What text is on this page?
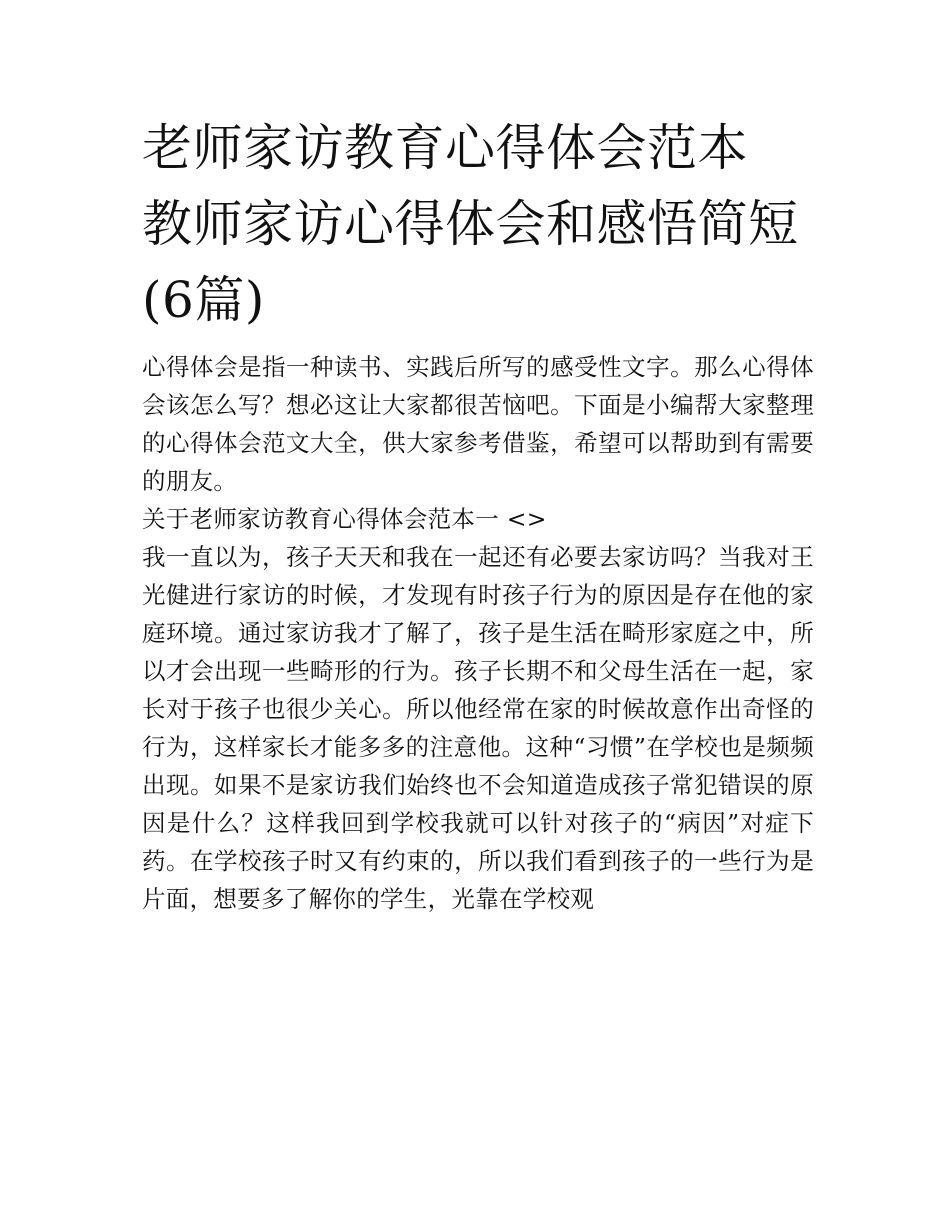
老师家访教育心得体会范本 教师家访心得体会和感悟简短(6篇)

心得体会是指一种读书、实践后所写的感受性文字。那么心得体会该怎么写？想必这让大家都很苦恼吧。下面是小编帮大家整理的心得体会范文大全，供大家参考借鉴，希望可以帮助到有需要的朋友。

关于老师家访教育心得体会范本一 <>

我一直以为，孩子天天和我在一起还有必要去家访吗？当我对王光健进行家访的时候，才发现有时孩子行为的原因是存在他的家庭环境。通过家访我才了解了，孩子是生活在畸形家庭之中，所以才会出现一些畸形的行为。孩子长期不和父母生活在一起，家长对于孩子也很少关心。所以他经常在家的时候故意作出奇怪的行为，这样家长才能多多的注意他。这种“习惯”在学校也是频频出现。如果不是家访我们始终也不会知道造成孩子常犯错误的原因是什么？这样我回到学校我就可以针对孩子的“病因”对症下药。在学校孩子时又有约束的，所以我们看到孩子的一些行为是片面，想要多了解你的学生，光靠在学校观
